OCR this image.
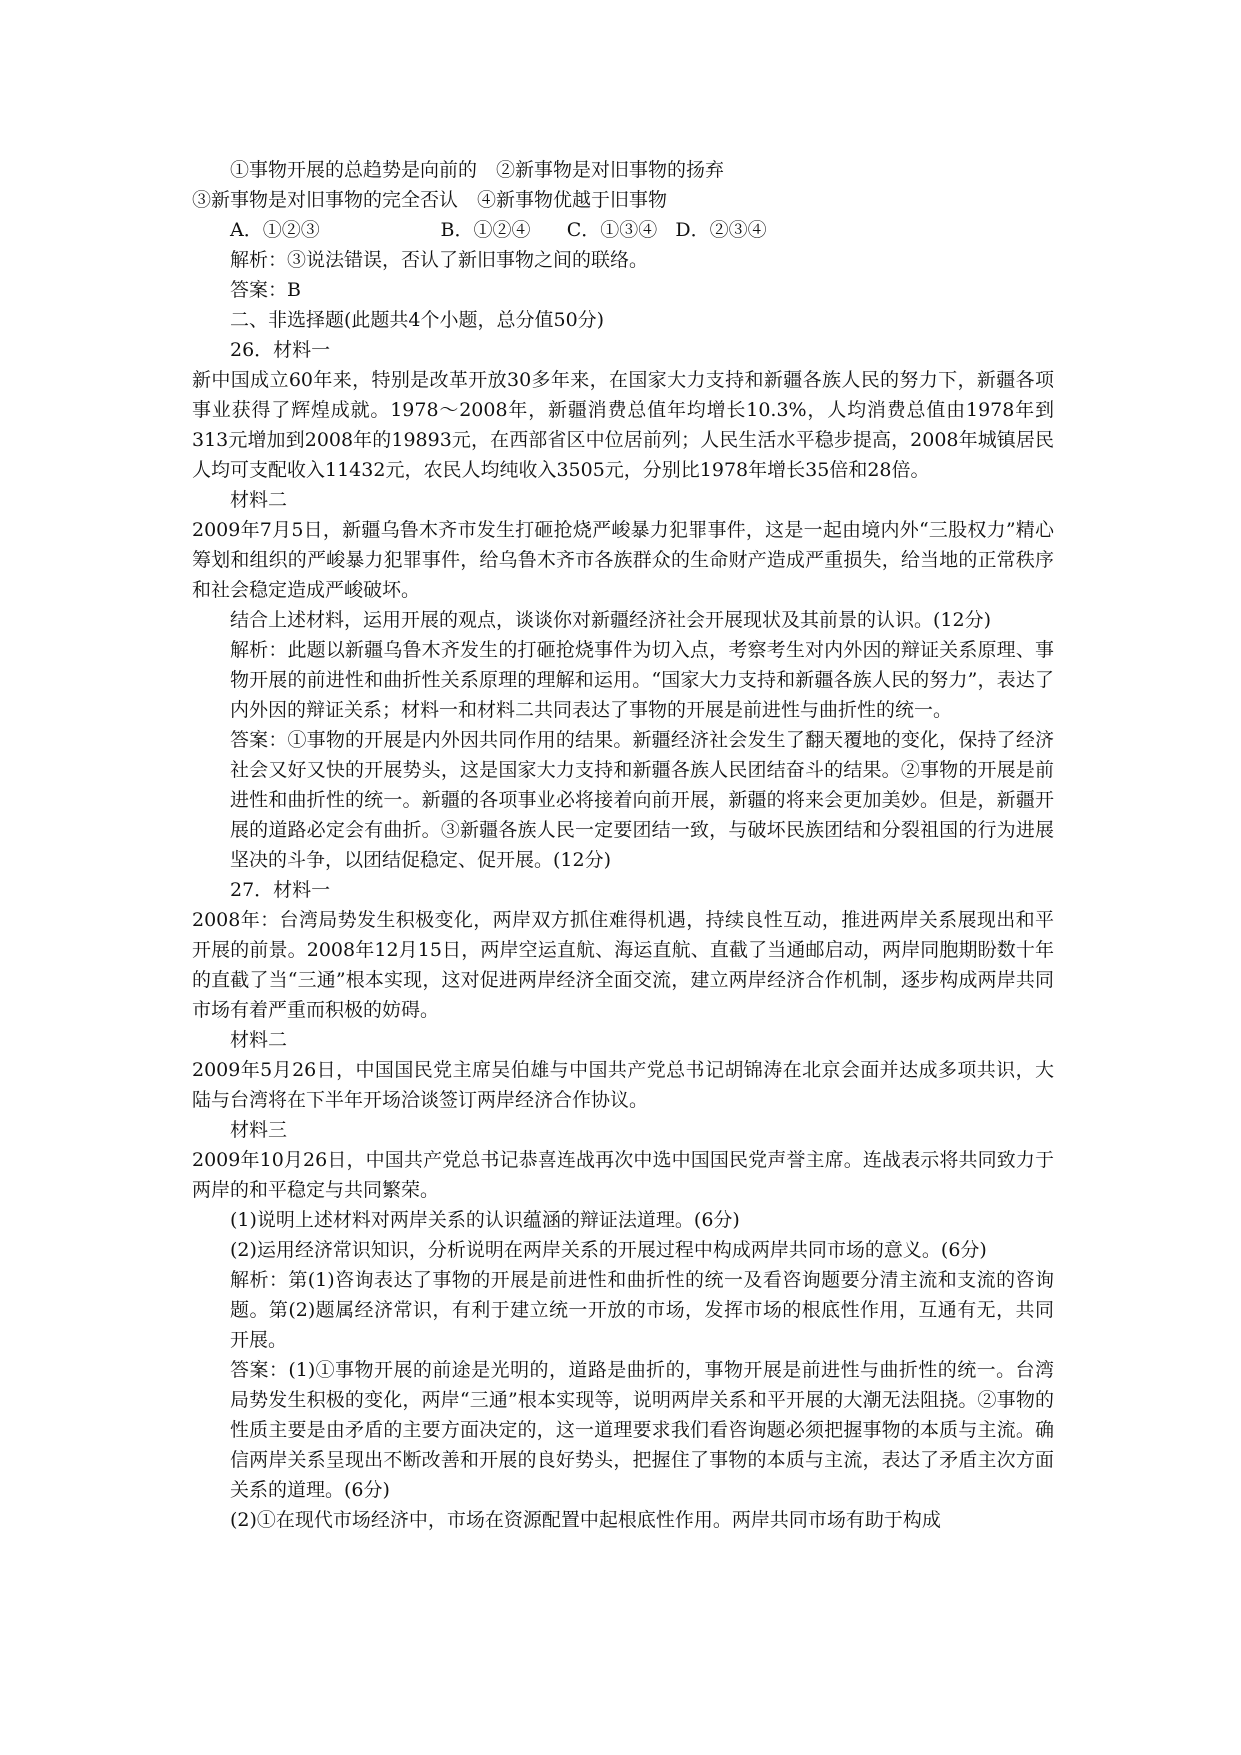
①事物开展的总趋势是向前的　②新事物是对旧事物的扬弃

③新事物是对旧事物的完全否认　④新事物优越于旧事物

A．①②③                    B．①②④      C．①③④   D．②③④

解析：③说法错误，否认了新旧事物之间的联络。

答案：B

二、非选择题(此题共4个小题，总分值50分)

26．材料一

新中国成立60年来，特别是改革开放30多年来，在国家大力支持和新疆各族人民的努力下，新疆各项事业获得了辉煌成就。1978～2008年，新疆消费总值年均增长10.3%，人均消费总值由1978年到313元增加到2008年的19893元，在西部省区中位居前列；人民生活水平稳步提高，2008年城镇居民人均可支配收入11432元，农民人均纯收入3505元，分别比1978年增长35倍和28倍。

材料二

2009年7月5日，新疆乌鲁木齐市发生打砸抢烧严峻暴力犯罪事件，这是一起由境内外“三股权力”精心筹划和组织的严峻暴力犯罪事件，给乌鲁木齐市各族群众的生命财产造成严重损失，给当地的正常秩序和社会稳定造成严峻破坏。

结合上述材料，运用开展的观点，谈谈你对新疆经济社会开展现状及其前景的认识。(12分)

解析：此题以新疆乌鲁木齐发生的打砸抢烧事件为切入点，考察考生对内外因的辩证关系原理、事物开展的前进性和曲折性关系原理的理解和运用。“国家大力支持和新疆各族人民的努力”，表达了内外因的辩证关系；材料一和材料二共同表达了事物的开展是前进性与曲折性的统一。

答案：①事物的开展是内外因共同作用的结果。新疆经济社会发生了翻天覆地的变化，保持了经济社会又好又快的开展势头，这是国家大力支持和新疆各族人民团结奋斗的结果。②事物的开展是前进性和曲折性的统一。新疆的各项事业必将接着向前开展，新疆的将来会更加美妙。但是，新疆开展的道路必定会有曲折。③新疆各族人民一定要团结一致，与破坏民族团结和分裂祖国的行为进展坚决的斗争，以团结促稳定、促开展。(12分)

27．材料一

2008年：台湾局势发生积极变化，两岸双方抓住难得机遇，持续良性互动，推进两岸关系展现出和平开展的前景。2008年12月15日，两岸空运直航、海运直航、直截了当通邮启动，两岸同胞期盼数十年的直截了当“三通”根本实现，这对促进两岸经济全面交流，建立两岸经济合作机制，逐步构成两岸共同市场有着严重而积极的妨碍。

材料二

2009年5月26日，中国国民党主席吴伯雄与中国共产党总书记胡锦涛在北京会面并达成多项共识，大陆与台湾将在下半年开场洽谈签订两岸经济合作协议。

材料三

2009年10月26日，中国共产党总书记恭喜连战再次中选中国国民党声誉主席。连战表示将共同致力于两岸的和平稳定与共同繁荣。

(1)说明上述材料对两岸关系的认识蕴涵的辩证法道理。(6分)

(2)运用经济常识知识，分析说明在两岸关系的开展过程中构成两岸共同市场的意义。(6分)

解析：第(1)咨询表达了事物的开展是前进性和曲折性的统一及看咨询题要分清主流和支流的咨询题。第(2)题属经济常识，有利于建立统一开放的市场，发挥市场的根底性作用，互通有无，共同开展。

答案：(1)①事物开展的前途是光明的，道路是曲折的，事物开展是前进性与曲折性的统一。台湾局势发生积极的变化，两岸“三通”根本实现等，说明两岸关系和平开展的大潮无法阻挠。②事物的性质主要是由矛盾的主要方面决定的，这一道理要求我们看咨询题必须把握事物的本质与主流。确信两岸关系呈现出不断改善和开展的良好势头，把握住了事物的本质与主流，表达了矛盾主次方面关系的道理。(6分)

(2)①在现代市场经济中，市场在资源配置中起根底性作用。两岸共同市场有助于构成
